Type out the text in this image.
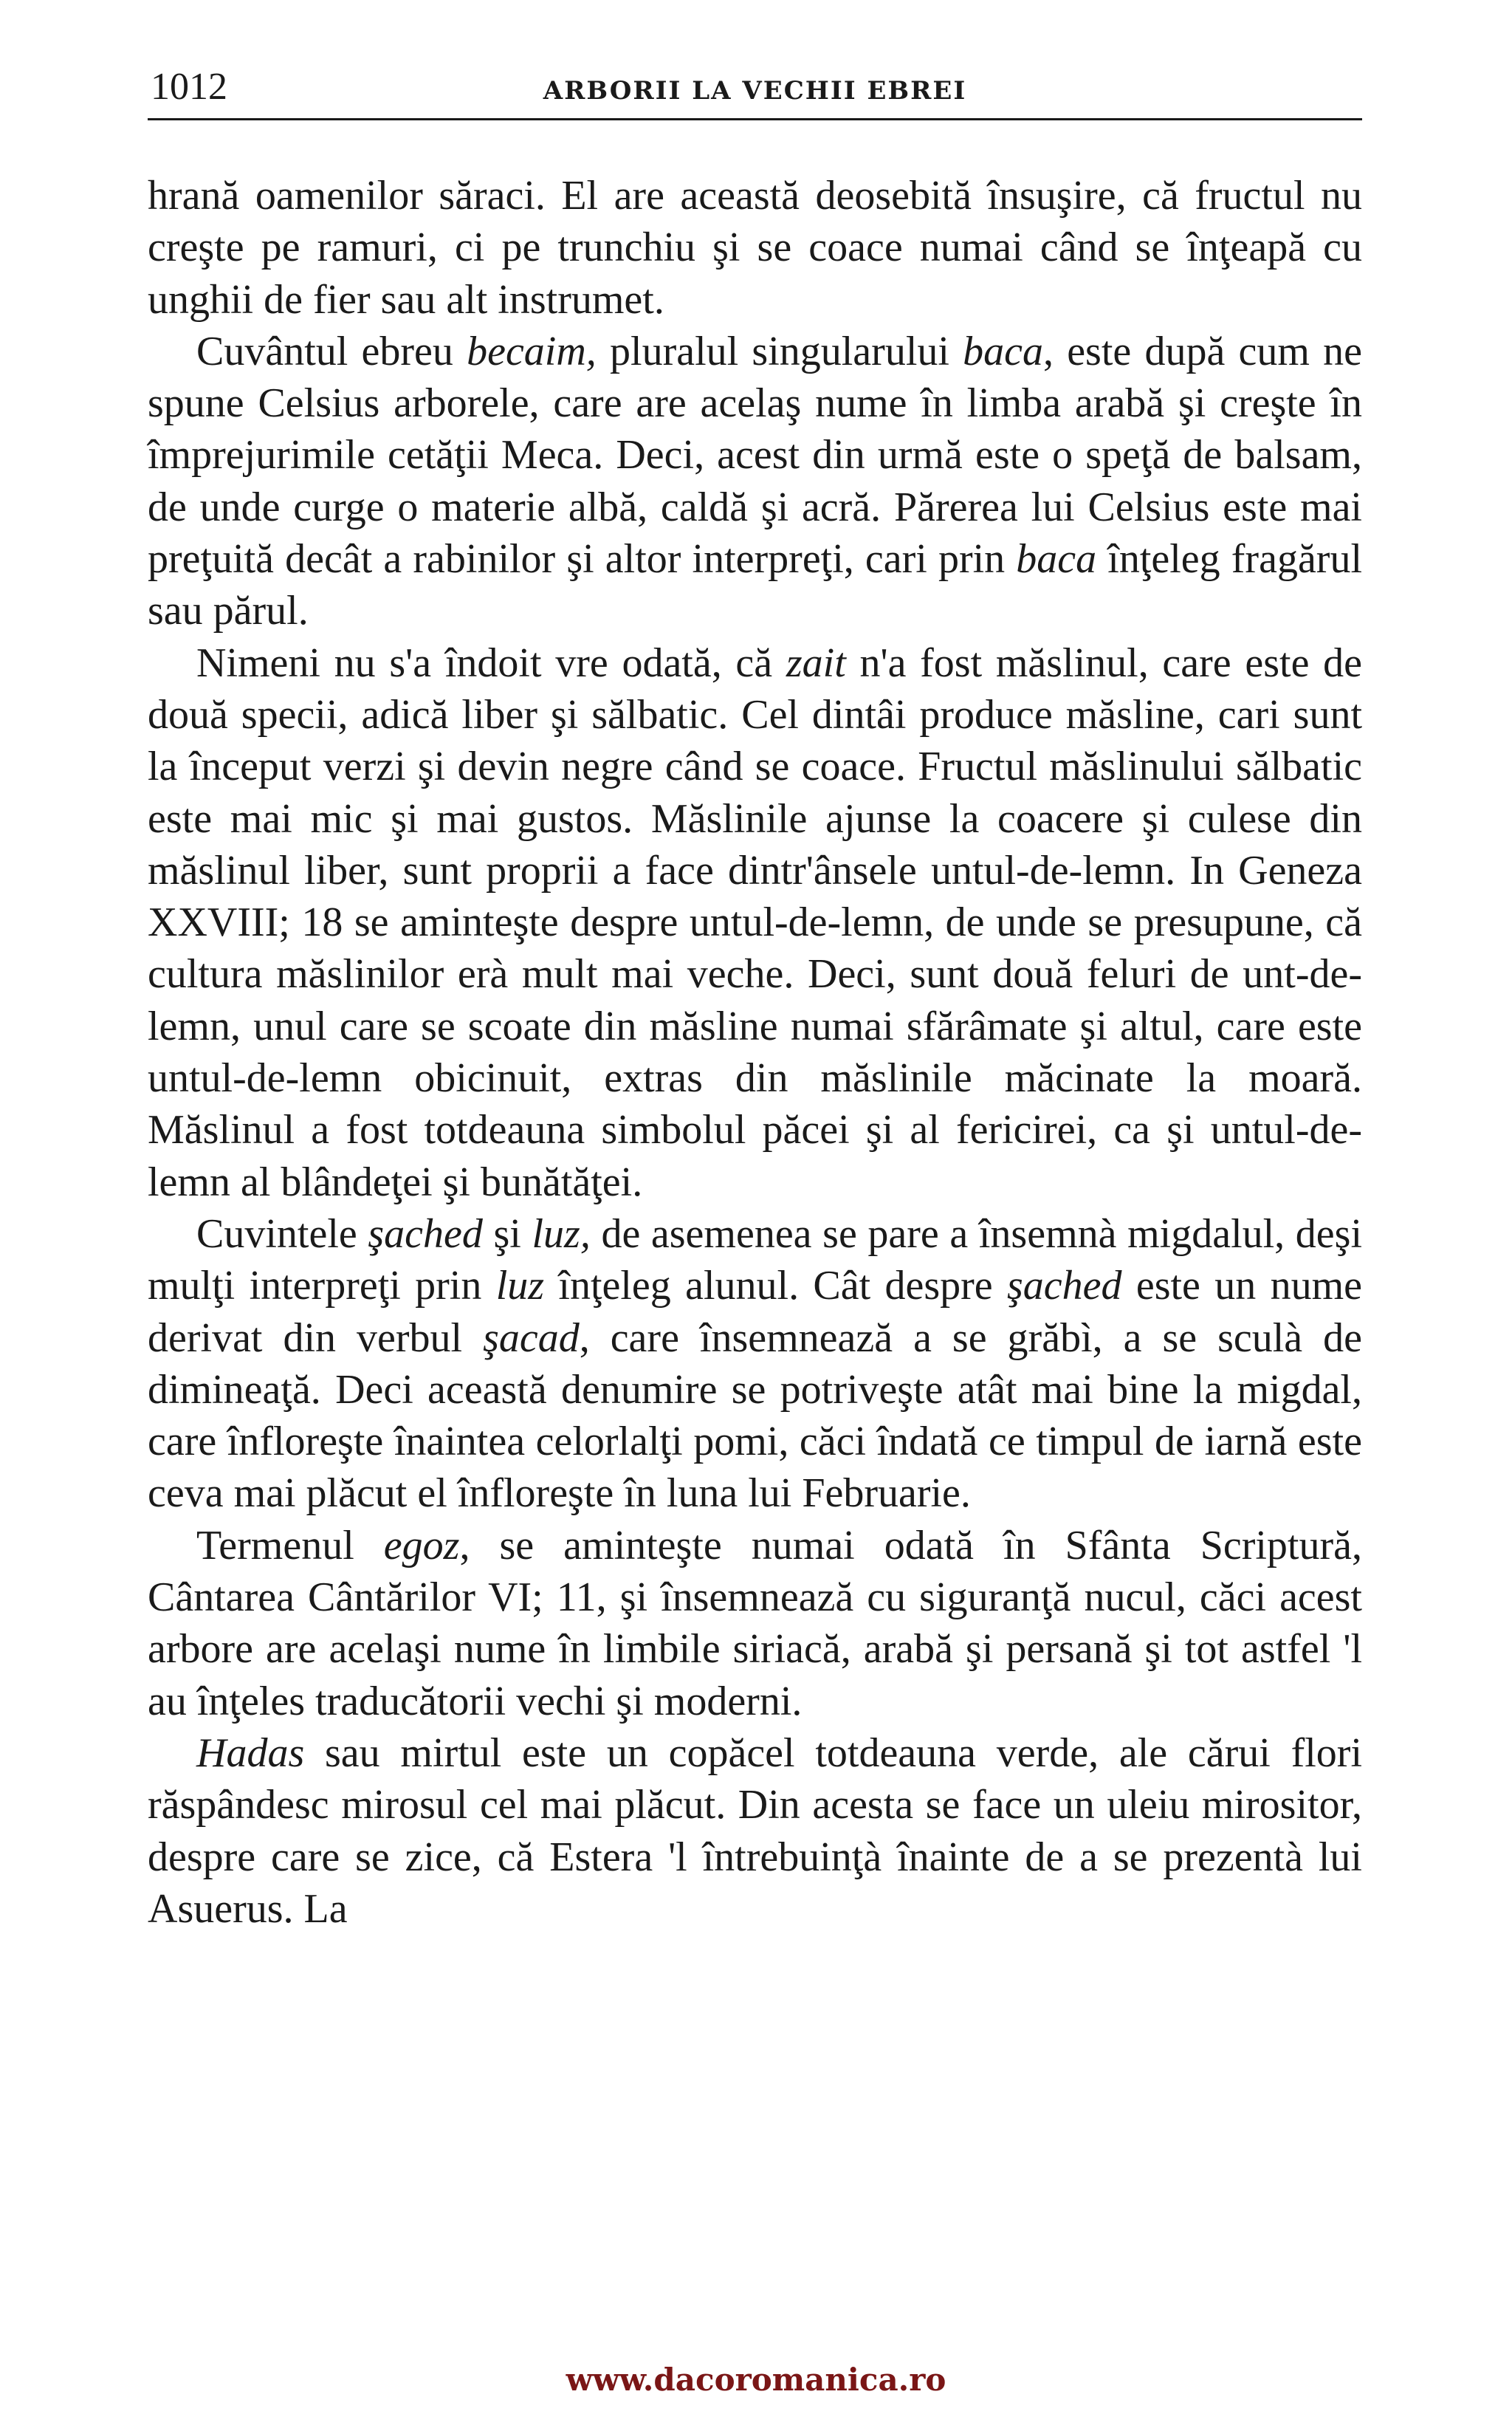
1012	ARBORII LA VECHII EBREI

hrană oamenilor săraci. El are această deosebită însuşire, că fructul nu creşte pe ramuri, ci pe trunchiu şi se coace numai când se înţeapă cu unghii de fier sau alt instrumet.

Cuvântul ebreu becaim, pluralul singularului baca, este după cum ne spune Celsius arborele, care are acelaş nume în limba arabă şi creşte în împrejurimile cetăţii Meca. Deci, acest din urmă este o speţă de balsam, de unde curge o materie albă, caldă şi acră. Părerea lui Celsius este mai preţuită decât a rabinilor şi altor interpreţi, cari prin baca înţeleg fragărul sau părul.

Nimeni nu s'a îndoit vre odată, că zait n'a fost măslinul, care este de două specii, adică liber şi sălbatic. Cel dintâi produce măsline, cari sunt la început verzi şi devin negre când se coace. Fructul măslinului sălbatic este mai mic şi mai gustos. Măslinile ajunse la coacere şi culese din măslinul liber, sunt proprii a face dintr'ânsele untul-de-lemn. In Geneza XXVIII; 18 se aminteşte despre untul-de-lemn, de unde se presupune, că cultura măslinilor erà mult mai veche. Deci, sunt două feluri de unt-de-lemn, unul care se scoate din măsline numai sfărâmate şi altul, care este untul-de-lemn obicinuit, extras din măslinile măcinate la moară. Măslinul a fost totdeauna simbolul păcei şi al fericirei, ca şi untul-de-lemn al blândeţei şi bunătăţei.

Cuvintele şached şi luz, de asemenea se pare a însemnà migdalul, deşi mulţi interpreţi prin luz înţeleg alunul. Cât despre şached este un nume derivat din verbul şacad, care însemnează a se grăbì, a se sculà de dimineaţă. Deci această denumire se potriveşte atât mai bine la migdal, care înfloreşte înaintea celorlalţi pomi, căci îndată ce timpul de iarnă este ceva mai plăcut el înfloreşte în luna lui Februarie.

Termenul egoz, se aminteşte numai odată în Sfânta Scriptură, Cântarea Cântărilor VI; 11, şi însemnează cu siguranţă nucul, căci acest arbore are acelaşi nume în limbile siriacă, arabă şi persană şi tot astfel 'l au înţeles traducătorii vechi şi moderni.

Hadas sau mirtul este un copăcel totdeauna verde, ale cărui flori răspândesc mirosul cel mai plăcut. Din acesta se face un uleiu mirositor, despre care se zice, că Estera 'l întrebuinţà înainte de a se prezentà lui Asuerus. La

www.dacoromanica.ro
